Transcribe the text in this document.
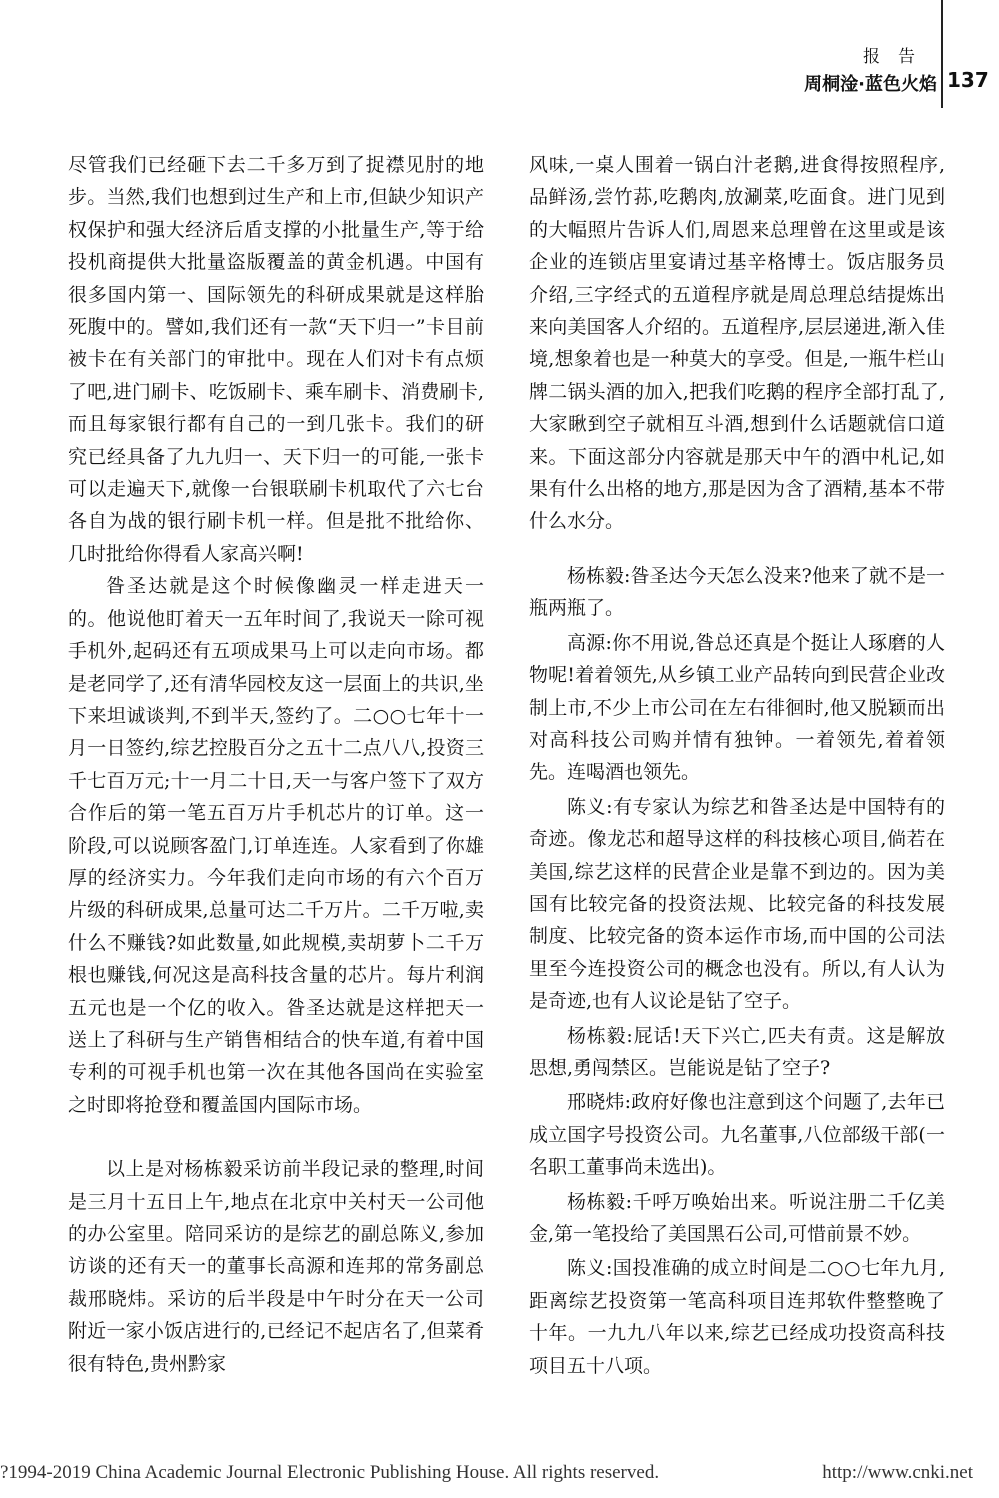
报告
周桐淦·蓝色火焰 137

尽管我们已经砸下去二千多万到了捉襟见肘的地步。当然,我们也想到过生产和上市,但缺少知识产权保护和强大经济后盾支撑的小批量生产,等于给投机商提供大批量盗版覆盖的黄金机遇。中国有很多国内第一、国际领先的科研成果就是这样胎死腹中的。譬如,我们还有一款“天下归一”卡目前被卡在有关部门的审批中。现在人们对卡有点烦了吧,进门刷卡、吃饭刷卡、乘车刷卡、消费刷卡,而且每家银行都有自己的一到几张卡。我们的研究已经具备了九九归一、天下归一的可能,一张卡可以走遍天下,就像一台银联刷卡机取代了六七台各自为战的银行刷卡机一样。但是批不批给你、几时批给你得看人家高兴啊!

昝圣达就是这个时候像幽灵一样走进天一的。他说他盯着天一五年时间了,我说天一除可视手机外,起码还有五项成果马上可以走向市场。都是老同学了,还有清华园校友这一层面上的共识,坐下来坦诚谈判,不到半天,签约了。二○○七年十一月一日签约,综艺控股百分之五十二点八八,投资三千七百万元;十一月二十日,天一与客户签下了双方合作后的第一笔五百万片手机芯片的订单。这一阶段,可以说顾客盈门,订单连连。人家看到了你雄厚的经济实力。今年我们走向市场的有六个百万片级的科研成果,总量可达二千万片。二千万啦,卖什么不赚钱?如此数量,如此规模,卖胡萝卜二千万根也赚钱,何况这是高科技含量的芯片。每片利润五元也是一个亿的收入。昝圣达就是这样把天一送上了科研与生产销售相结合的快车道,有着中国专利的可视手机也第一次在其他各国尚在实验室之时即将抢登和覆盖国内国际市场。

以上是对杨栋毅采访前半段记录的整理,时间是三月十五日上午,地点在北京中关村天一公司他的办公室里。陪同采访的是综艺的副总陈义,参加访谈的还有天一的董事长高源和连邦的常务副总裁邢晓炜。采访的后半段是中午时分在天一公司附近一家小饭店进行的,已经记不起店名了,但菜肴很有特色,贵州黔家

风味,一桌人围着一锅白汁老鹅,进食得按照程序,品鲜汤,尝竹荪,吃鹅肉,放涮菜,吃面食。进门见到的大幅照片告诉人们,周恩来总理曾在这里或是该企业的连锁店里宴请过基辛格博士。饭店服务员介绍,三字经式的五道程序就是周总理总结提炼出来向美国客人介绍的。五道程序,层层递进,渐入佳境,想象着也是一种莫大的享受。但是,一瓶牛栏山牌二锅头酒的加入,把我们吃鹅的程序全部打乱了,大家瞅到空子就相互斗酒,想到什么话题就信口道来。下面这部分内容就是那天中午的酒中札记,如果有什么出格的地方,那是因为含了酒精,基本不带什么水分。

杨栋毅:昝圣达今天怎么没来?他来了就不是一瓶两瓶了。

高源:你不用说,昝总还真是个挺让人琢磨的人物呢!着着领先,从乡镇工业产品转向到民营企业改制上市,不少上市公司在左右徘徊时,他又脱颖而出对高科技公司购并情有独钟。一着领先,着着领先。连喝酒也领先。

陈义:有专家认为综艺和昝圣达是中国特有的奇迹。像龙芯和超导这样的科技核心项目,倘若在美国,综艺这样的民营企业是靠不到边的。因为美国有比较完备的投资法规、比较完备的科技发展制度、比较完备的资本运作市场,而中国的公司法里至今连投资公司的概念也没有。所以,有人认为是奇迹,也有人议论是钻了空子。

杨栋毅:屁话!天下兴亡,匹夫有责。这是解放思想,勇闯禁区。岂能说是钻了空子?

邢晓炜:政府好像也注意到这个问题了,去年已成立国字号投资公司。九名董事,八位部级干部(一名职工董事尚未选出)。

杨栋毅:千呼万唤始出来。听说注册二千亿美金,第一笔投给了美国黑石公司,可惜前景不妙。

陈义:国投准确的成立时间是二○○七年九月,距离综艺投资第一笔高科项目连邦软件整整晚了十年。一九九八年以来,综艺已经成功投资高科技项目五十八项。

?1994-2019 China Academic Journal Electronic Publishing House. All rights reserved.	http://www.cnki.net
